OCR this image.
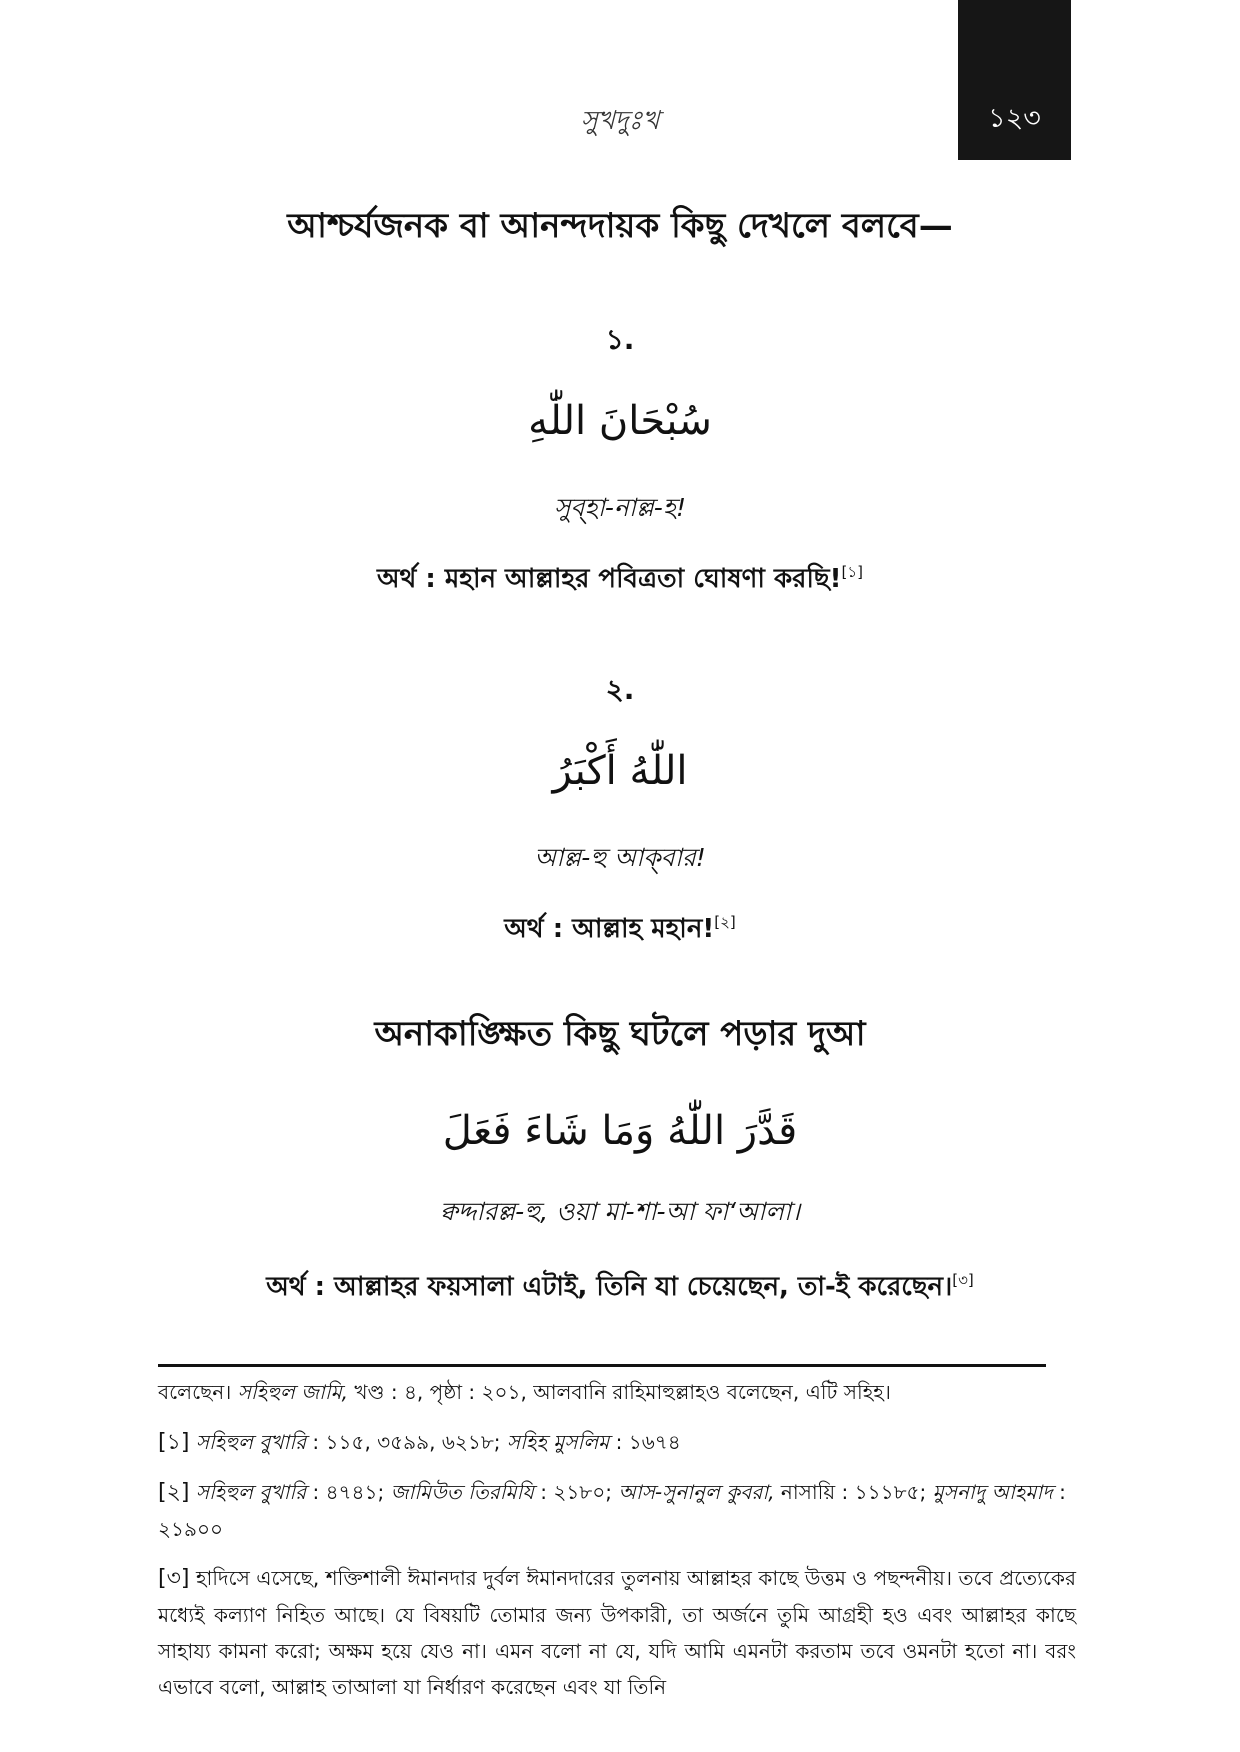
১২৩
সুখদুঃখ
আশ্চর্যজনক বা আনন্দদায়ক কিছু দেখলে বলবে—
১.
سُبْحَانَ اللّٰهِ
সুব্‌হা-নাল্ল-হ!
অর্থ : মহান আল্লাহর পবিত্রতা ঘোষণা করছি![১]
২.
اللّٰهُ أَكْبَرُ
আল্ল-হু আক্‌বার!
অর্থ : আল্লাহ মহান![২]
অনাকাঙ্ক্ষিত কিছু ঘটলে পড়ার দুআ
قَدَّرَ اللّٰهُ وَمَا شَاءَ فَعَلَ
ক্বদ্দারল্ল-হু, ওয়া মা-শা-আ ফা‘আলা।
অর্থ : আল্লাহর ফয়সালা এটাই, তিনি যা চেয়েছেন, তা-ই করেছেন।[৩]
বলেছেন। সহিহুল জামি, খণ্ড : ৪, পৃষ্ঠা : ২০১, আলবানি রাহিমাহুল্লাহও বলেছেন, এটি সহিহ।
[১] সহিহুল বুখারি : ১১৫, ৩৫৯৯, ৬২১৮; সহিহ মুসলিম : ১৬৭৪
[২] সহিহুল বুখারি : ৪৭৪১; জামিউত তিরমিযি : ২১৮০; আস-সুনানুল কুবরা, নাসায়ি : ১১১৮৫; মুসনাদু আহমাদ : ২১৯০০
[৩] হাদিসে এসেছে, শক্তিশালী ঈমানদার দুর্বল ঈমানদারের তুলনায় আল্লাহর কাছে উত্তম ও পছন্দনীয়। তবে প্রত্যেকের মধ্যেই কল্যাণ নিহিত আছে। যে বিষয়টি তোমার জন্য উপকারী, তা অর্জনে তুমি আগ্রহী হও এবং আল্লাহর কাছে সাহায্য কামনা করো; অক্ষম হয়ে যেও না। এমন বলো না যে, যদি আমি এমনটা করতাম তবে ওমনটা হতো না। বরং এভাবে বলো, আল্লাহ তাআলা যা নির্ধারণ করেছেন এবং যা তিনি
